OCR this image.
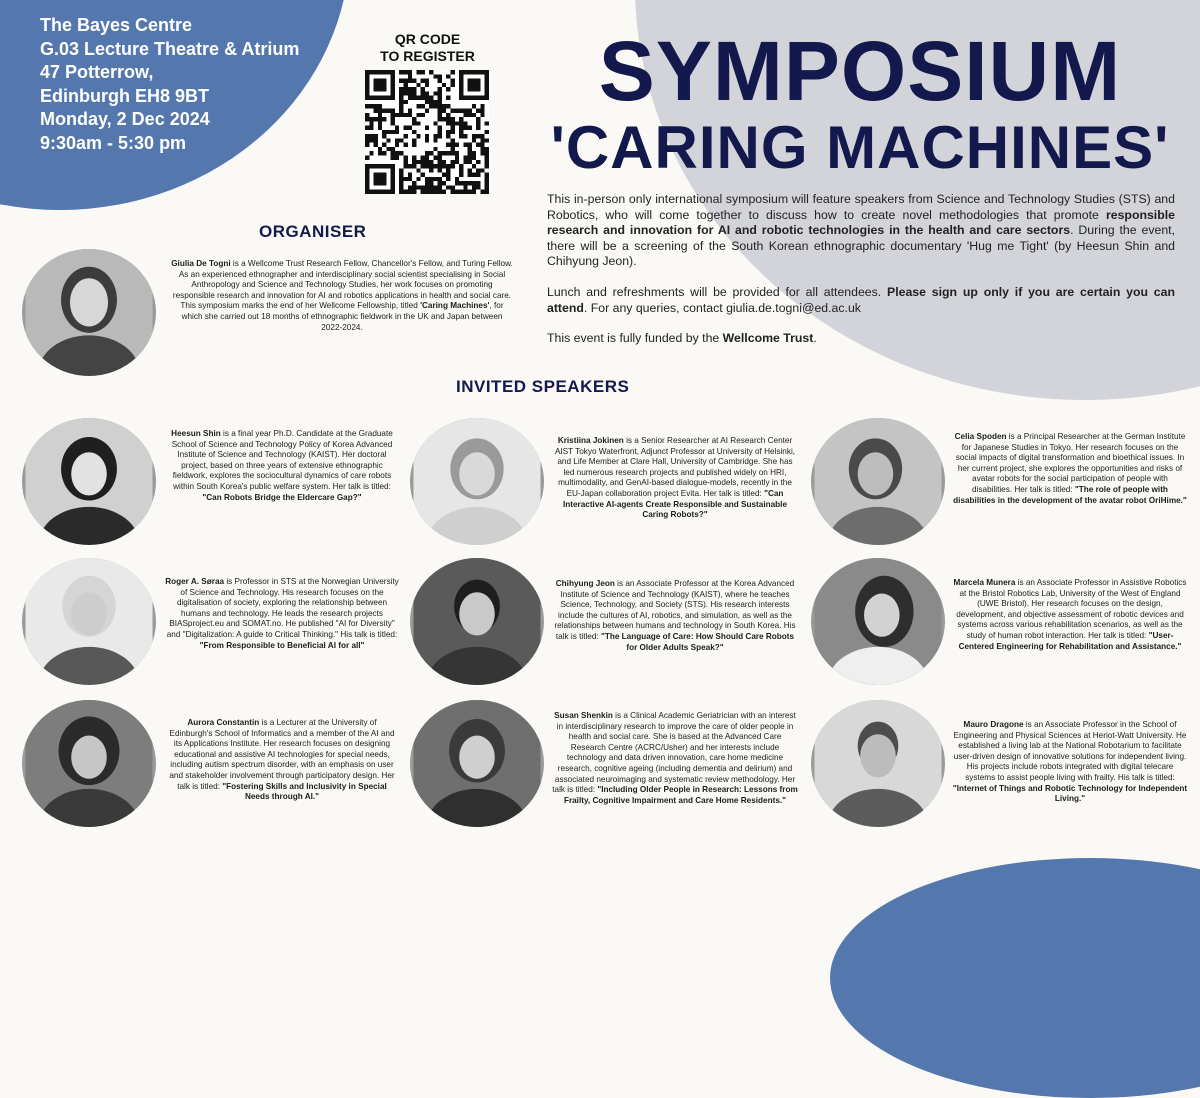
The Bayes Centre
G.03 Lecture Theatre & Atrium
47 Potterrow,
Edinburgh EH8 9BT
Monday, 2 Dec 2024
9:30am - 5:30 pm
QR CODE
TO REGISTER	SYMPOSIUM
'CARING MACHINES'

This in-person only international symposium will feature speakers from Science and Technology Studies (STS) and Robotics, who will come together to discuss how to create novel methodologies that promote responsible research and innovation for AI and robotic technologies in the health and care sectors. During the event, there will be a screening of the South Korean ethnographic documentary 'Hug me Tight' (by Heesun Shin and Chihyung Jeon).

Lunch and refreshments will be provided for all attendees. Please sign up only if you are certain you can attend. For any queries, contact giulia.de.togni@ed.ac.uk

This event is fully funded by the Wellcome Trust.

ORGANISER
Giulia De Togni is a Wellcome Trust Research Fellow, Chancellor's Fellow, and Turing Fellow. As an experienced ethnographer and interdisciplinary social scientist specialising in Social Anthropology and Science and Technology Studies, her work focuses on promoting responsible research and innovation for AI and robotics applications in health and social care. This symposium marks the end of her Wellcome Fellowship, titled 'Caring Machines', for which she carried out 18 months of ethnographic fieldwork in the UK and Japan between 2022-2024.
INVITED SPEAKERS
Heesun Shin is a final year Ph.D. Candidate at the Graduate School of Science and Technology Policy of Korea Advanced Institute of Science and Technology (KAIST). Her doctoral project, based on three years of extensive ethnographic fieldwork, explores the sociocultural dynamics of care robots within South Korea's public welfare system. Her talk is titled: "Can Robots Bridge the Eldercare Gap?"
Kristiina Jokinen is a Senior Researcher at AI Research Center AIST Tokyo Waterfront, Adjunct Professor at University of Helsinki, and Life Member at Clare Hall, University of Cambridge. She has led numerous research projects and published widely on HRI, multimodality, and GenAI-based dialogue-models, recently in the EU-Japan collaboration project Evita. Her talk is titled: "Can Interactive AI-agents Create Responsible and Sustainable Caring Robots?"
Celia Spoden is a Principal Researcher at the German Institute for Japanese Studies in Tokyo. Her research focuses on the social impacts of digital transformation and bioethical issues. In her current project, she explores the opportunities and risks of avatar robots for the social participation of people with disabilities. Her talk is titled: "The role of people with disabilities in the development of the avatar robot OriHime."
Roger A. Søraa is Professor in STS at the Norwegian University of Science and Technology. His research focuses on the digitalisation of society, exploring the relationship between humans and technology. He leads the research projects BIASproject.eu and SOMAT.no. He published "AI for Diversity" and "Digitalization: A guide to Critical Thinking." His talk is titled: "From Responsible to Beneficial AI for all"
Chihyung Jeon is an Associate Professor at the Korea Advanced Institute of Science and Technology (KAIST), where he teaches Science, Technology, and Society (STS). His research interests include the cultures of AI, robotics, and simulation, as well as the relationships between humans and technology in South Korea. His talk is titled: "The Language of Care: How Should Care Robots for Older Adults Speak?"
Marcela Munera is an Associate Professor in Assistive Robotics at the Bristol Robotics Lab, University of the West of England (UWE Bristol). Her research focuses on the design, development, and objective assessment of robotic devices and systems across various rehabilitation scenarios, as well as the study of human robot interaction. Her talk is titled: "User-Centered Engineering for Rehabilitation and Assistance."
Aurora Constantin is a Lecturer at the University of Edinburgh's School of Informatics and a member of the AI and its Applications Institute. Her research focuses on designing educational and assistive AI technologies for special needs, including autism spectrum disorder, with an emphasis on user and stakeholder involvement through participatory design. Her talk is titled: "Fostering Skills and Inclusivity in Special Needs through AI."
Susan Shenkin is a Clinical Academic Geriatrician with an interest in interdisciplinary research to improve the care of older people in health and social care. She is based at the Advanced Care Research Centre (ACRC/Usher) and her interests include technology and data driven innovation, care home medicine research, cognitive ageing (including dementia and delirium) and associated neuroimaging and systematic review methodology. Her talk is titled: "Including Older People in Research: Lessons from Frailty, Cognitive Impairment and Care Home Residents."
Mauro Dragone is an Associate Professor in the School of Engineering and Physical Sciences at Heriot-Watt University. He established a living lab at the National Robotarium to facilitate user-driven design of innovative solutions for independent living. His projects include robots integrated with digital telecare systems to assist people living with frailty. His talk is titled: "Internet of Things and Robotic Technology for Independent Living."
